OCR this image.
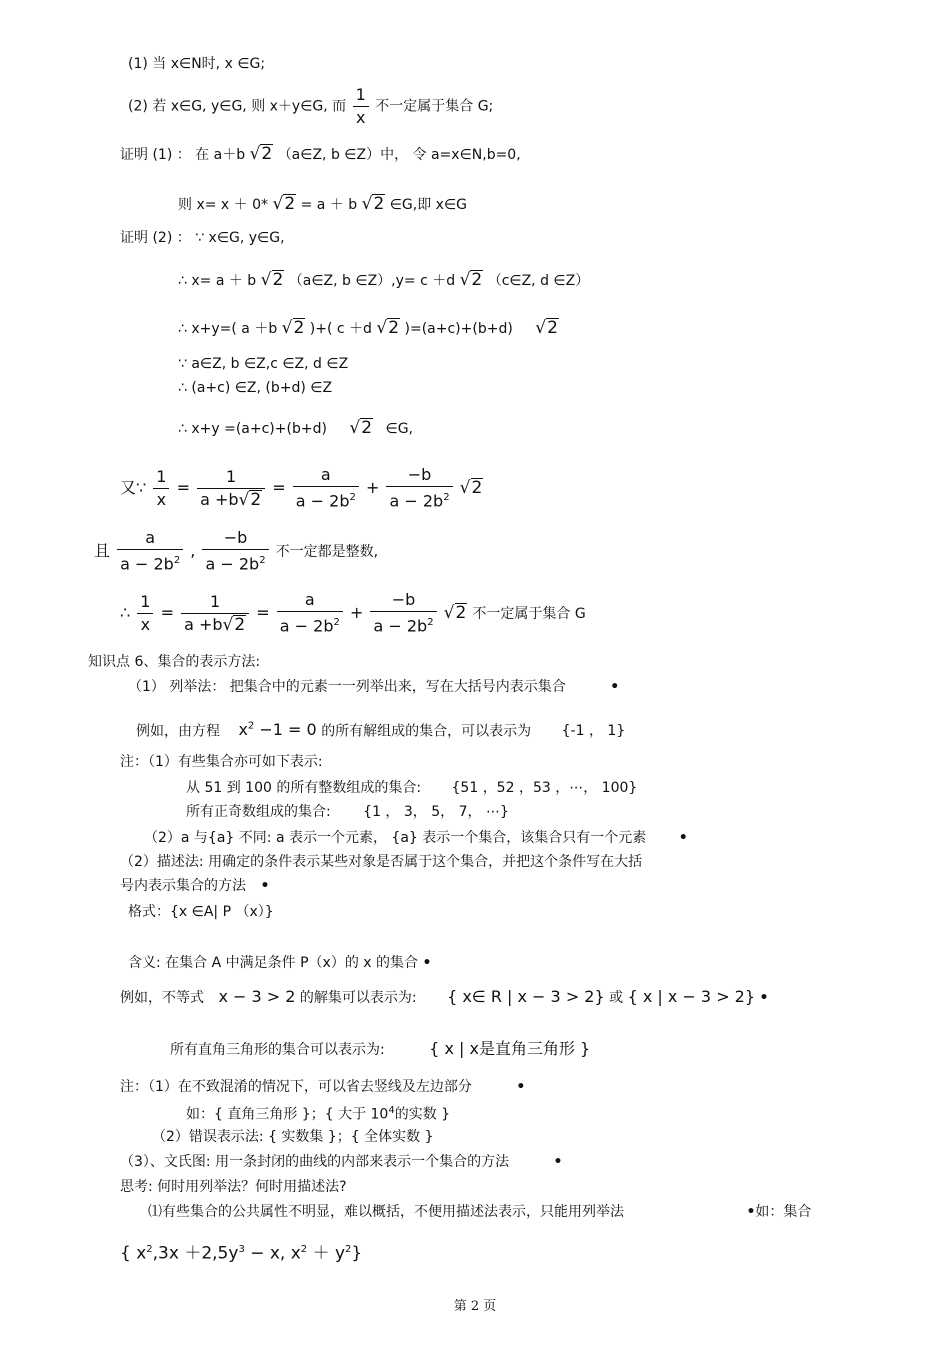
(1) 当 x∈N时, x ∈G;
(2) 若 x∈G, y∈G, 则 x＋y∈G, 而 $\frac{1}{x}$ 不一定属于集合 G;
证明 (1) ： 在 a＋b √2 （a∈Z, b ∈Z）中， 令 a=x∈N,b=0,
则 x= x ＋ 0* √2 = a ＋ b √2 ∈G,即 x∈G
证明 (2) ： ∵ x∈G, y∈G,
∴ x= a ＋ b √2 （a∈Z, b ∈Z）,y= c ＋d √2 （c∈Z, d ∈Z）
∴ x+y=( a ＋b √2 )+( c ＋d √2 )=(a+c)+(b+d) √2
∵ a∈Z, b ∈Z,c ∈Z, d ∈Z
∴ (a+c) ∈Z, (b+d) ∈Z
∴ x+y =(a+c)+(b+d) √2 ∈G,
又∵ $\frac{1}{x} = \frac{1}{a +b√2} = \frac{a}{a - 2b^2} + \frac{-b}{a - 2b^2} √2$
且 $\frac{a}{a - 2b^2}$ , $\frac{-b}{a - 2b^2}$ 不一定都是整数,
∴ $\frac{1}{x} = \frac{1}{a +b√2} = \frac{a}{a - 2b^2} + \frac{-b}{a - 2b^2} √2$ 不一定属于集合 G
知识点 6、集合的表示方法:
（1） 列举法： 把集合中的元素一一列举出来，写在大括号内表示集合	•
例如，由方程 $x^2 -1 = 0$ 的所有解组成的集合，可以表示为 {-1 ， 1}
注：（1）有些集合亦可如下表示:
从 51 到 100 的所有整数组成的集合: {51 ，52 ，53 ，⋯， 100}
所有正奇数组成的集合: {1 ， 3， 5， 7， ⋯}
（2）a 与{a} 不同: a 表示一个元素， {a} 表示一个集合，该集合只有一个元素 •
（2）描述法: 用确定的条件表示某些对象是否属于这个集合，并把这个条件写在大括
号内表示集合的方法 •
格式：{x ∈A| P （x）}
含义: 在集合 A 中满足条件 P（x）的 x 的集合 •
例如，不等式 x − 3 > 2 的解集可以表示为: { x∈ R | x − 3 > 2} 或 { x | x − 3 > 2} •
所有直角三角形的集合可以表示为:	{ x | x是直角三角形 }
注：（1）在不致混淆的情况下，可以省去竖线及左边部分	•
如：{ 直角三角形 }；{ 大于 $10^4$的实数 }
（2）错误表示法: { 实数集 }；{ 全体实数 }
（3）、文氏图: 用一条封闭的曲线的内部来表示一个集合的方法	•
思考: 何时用列举法？何时用描述法?
⑴有些集合的公共属性不明显，难以概括，不便用描述法表示，只能用列举法	•如：集合
{ $x^2,3x +2,5y^3 - x$, $x^2 + y^2$}
第 2 页
